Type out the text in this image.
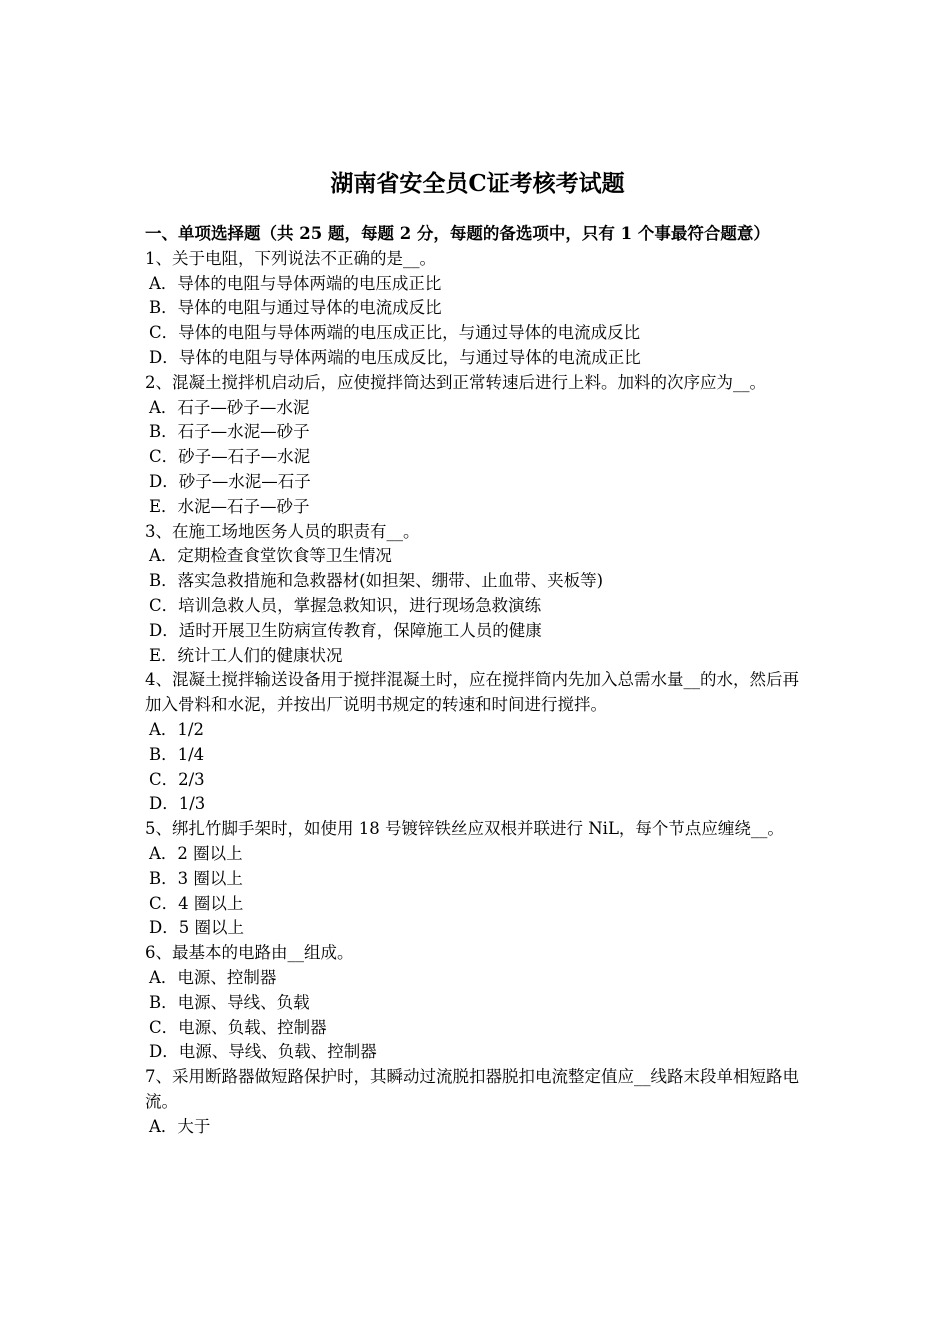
湖南省安全员C证考核考试题

一、单项选择题（共 25 题，每题 2 分，每题的备选项中，只有 1 个事最符合题意）

1、关于电阻，下列说法不正确的是__。

A．导体的电阻与导体两端的电压成正比

B．导体的电阻与通过导体的电流成反比

C．导体的电阻与导体两端的电压成正比，与通过导体的电流成反比

D．导体的电阻与导体两端的电压成反比，与通过导体的电流成正比

2、混凝土搅拌机启动后，应使搅拌筒达到正常转速后进行上料。加料的次序应为__。

A．石子—砂子—水泥

B．石子—水泥—砂子

C．砂子—石子—水泥

D．砂子—水泥—石子

E．水泥—石子—砂子

3、在施工场地医务人员的职责有__。

A．定期检查食堂饮食等卫生情况

B．落实急救措施和急救器材(如担架、绷带、止血带、夹板等)

C．培训急救人员，掌握急救知识，进行现场急救演练

D．适时开展卫生防病宣传教育，保障施工人员的健康

E．统计工人们的健康状况

4、混凝土搅拌输送设备用于搅拌混凝土时，应在搅拌筒内先加入总需水量__的水，然后再加入骨料和水泥，并按出厂说明书规定的转速和时间进行搅拌。

A．1/2

B．1/4

C．2/3

D．1/3

5、绑扎竹脚手架时，如使用 18 号镀锌铁丝应双根并联进行 NiL，每个节点应缠绕__。

A．2 圈以上

B．3 圈以上

C．4 圈以上

D．5 圈以上

6、最基本的电路由__组成。

A．电源、控制器

B．电源、导线、负载

C．电源、负载、控制器

D．电源、导线、负载、控制器

7、采用断路器做短路保护时，其瞬动过流脱扣器脱扣电流整定值应__线路末段单相短路电流。

A．大于
